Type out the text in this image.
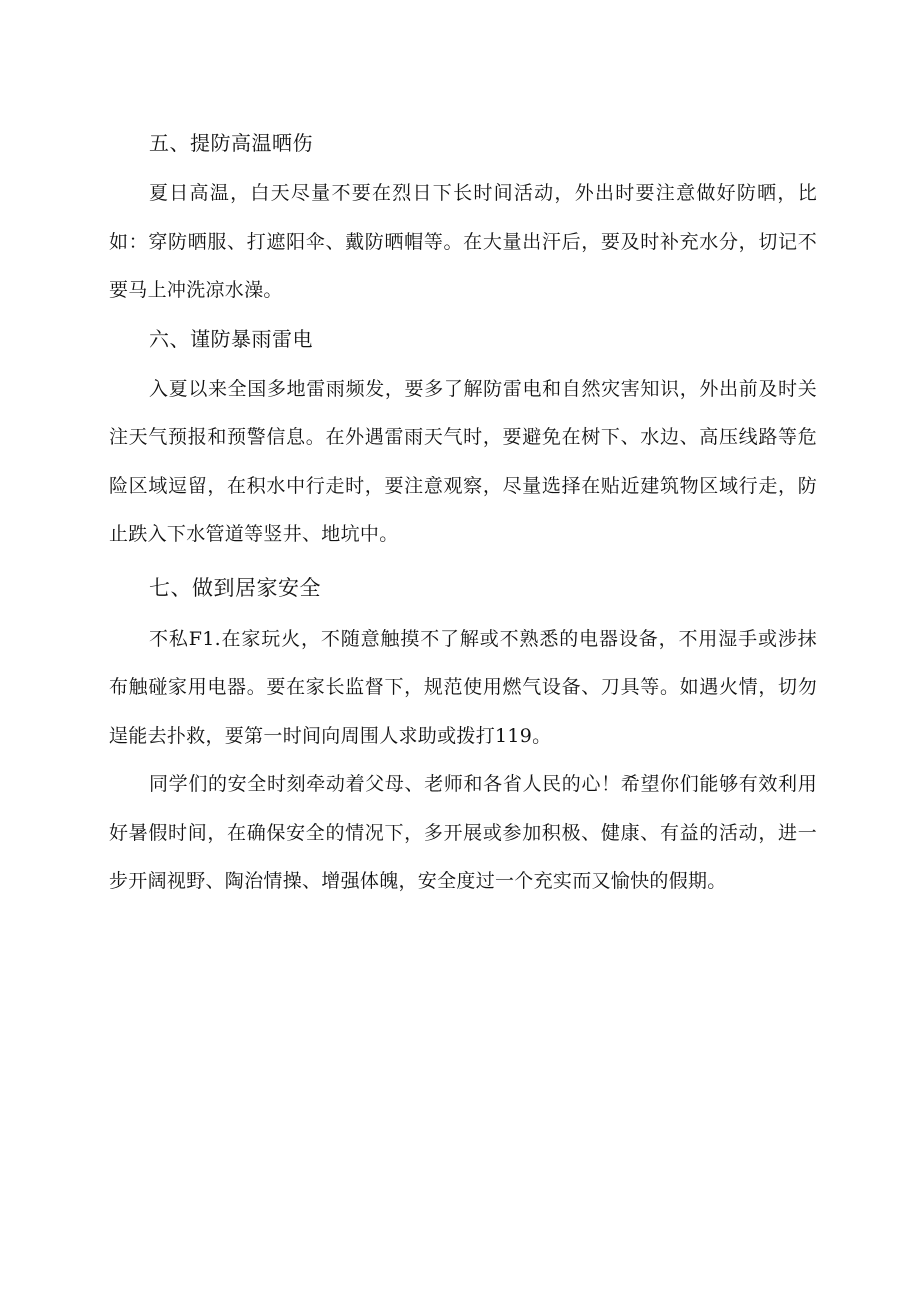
五、提防高温晒伤

夏日高温，白天尽量不要在烈日下长时间活动，外出时要注意做好防晒，比如：穿防晒服、打遮阳伞、戴防晒帽等。在大量出汗后，要及时补充水分，切记不要马上冲洗凉水澡。

六、谨防暴雨雷电

入夏以来全国多地雷雨频发，要多了解防雷电和自然灾害知识，外出前及时关注天气预报和预警信息。在外遇雷雨天气时，要避免在树下、水边、高压线路等危险区域逗留，在积水中行走时，要注意观察，尽量选择在贴近建筑物区域行走，防止跌入下水管道等竖井、地坑中。

七、做到居家安全

不私F1.在家玩火，不随意触摸不了解或不熟悉的电器设备，不用湿手或涉抹布触碰家用电器。要在家长监督下，规范使用燃气设备、刀具等。如遇火情，切勿逞能去扑救，要第一时间向周围人求助或拨打119。

同学们的安全时刻牵动着父母、老师和各省人民的心！希望你们能够有效利用好暑假时间，在确保安全的情况下，多开展或参加积极、健康、有益的活动，进一步开阔视野、陶治情操、增强体魄，安全度过一个充实而又愉快的假期。
